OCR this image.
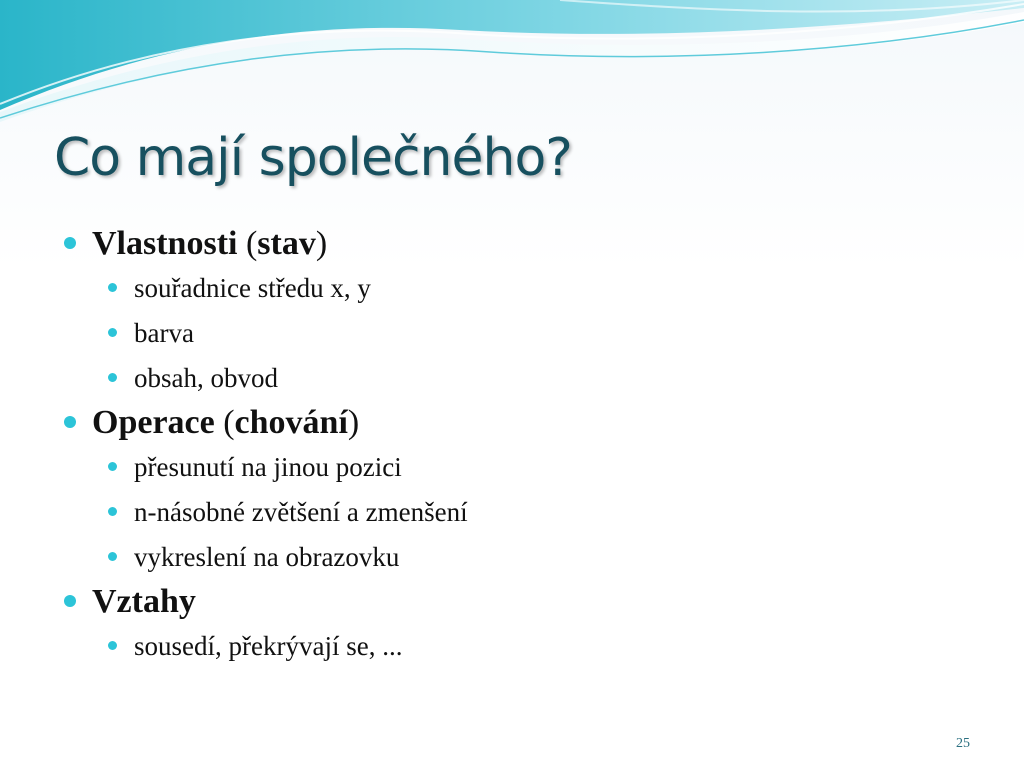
Co mají společného?
Vlastnosti (stav)
souřadnice středu x, y
barva
obsah, obvod
Operace (chování)
přesunutí na jinou pozici
n-násobné zvětšení a zmenšení
vykreslení na obrazovku
Vztahy
sousedí, překrývají se, ...
25
